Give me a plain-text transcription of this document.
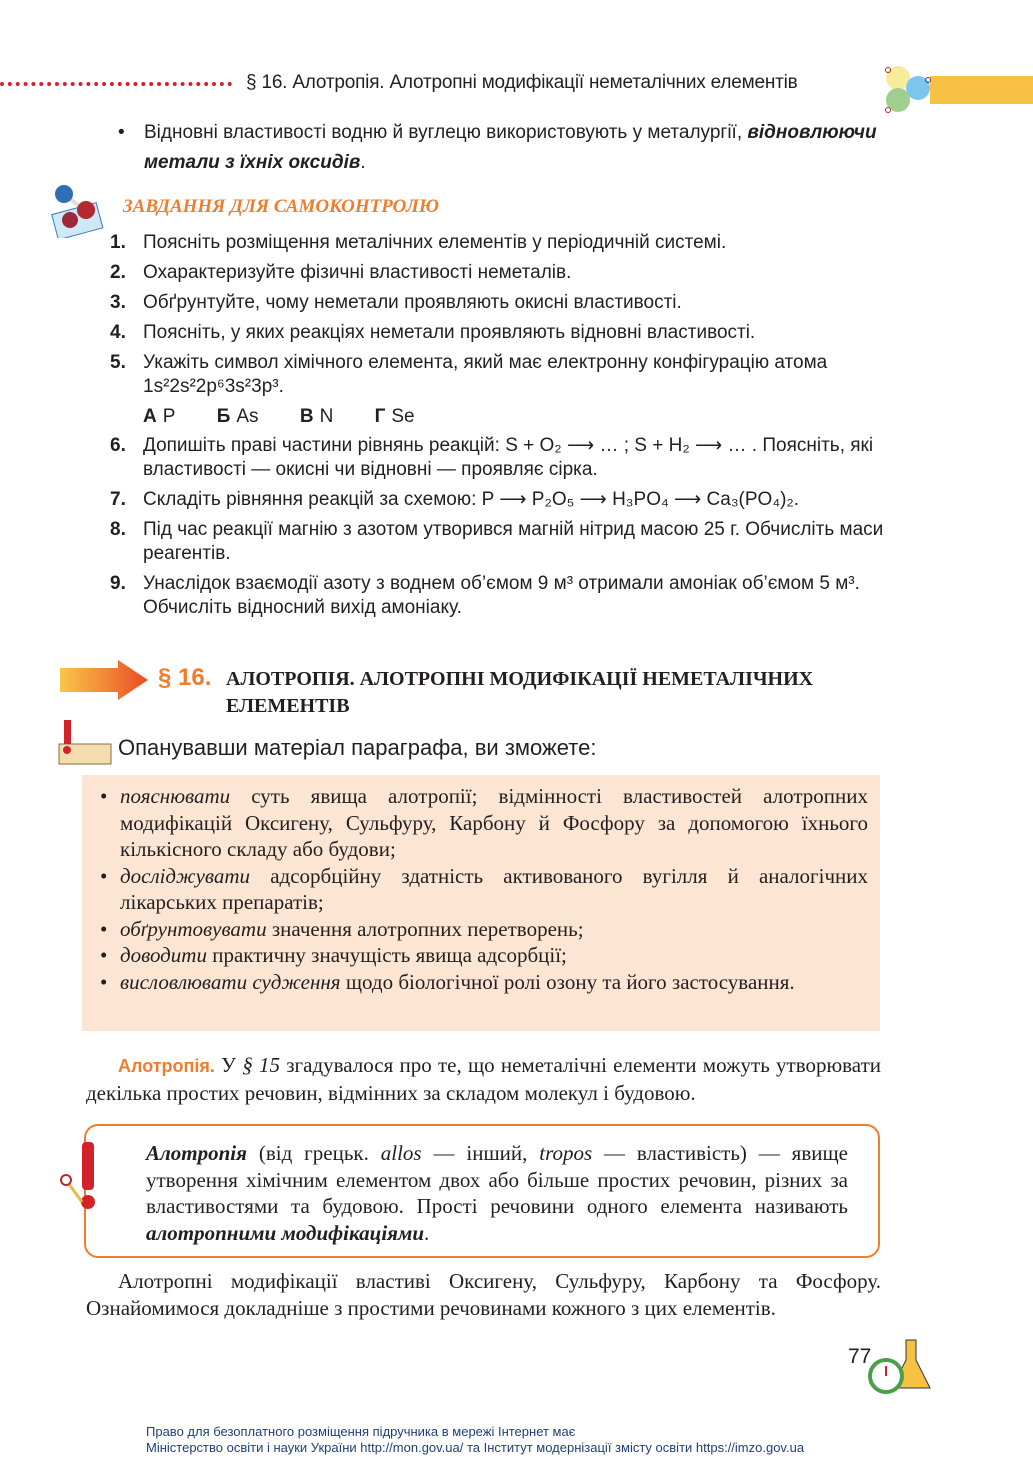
§ 16. Алотропія. Алотропні модифікації неметалічних елементів
• Відновні властивості водню й вуглецю використовують у металургії, відновлюючи метали з їхніх оксидів.
ЗАВДАННЯ ДЛЯ САМОКОНТРОЛЮ
1. Поясніть розміщення металічних елементів у періодичній системі.
2. Охарактеризуйте фізичні властивості неметалів.
3. Обґрунтуйте, чому неметали проявляють окисні властивості.
4. Поясніть, у яких реакціях неметали проявляють відновні властивості.
5. Укажіть символ хімічного елемента, який має електронну конфігурацію атома 1s²2s²2p⁶3s²3p³.
А P Б As В N Г Se
6. Допишіть праві частини рівнянь реакцій: S + O₂ ⟶ … ; S + H₂ ⟶ … . Поясніть, які властивості — окисні чи відновні — проявляє сірка.
7. Складіть рівняння реакцій за схемою: P ⟶ P₂O₅ ⟶ H₃PO₄ ⟶ Ca₃(PO₄)₂.
8. Під час реакції магнію з азотом утворився магній нітрид масою 25 г. Обчисліть маси реагентів.
9. Унаслідок взаємодії азоту з воднем об’ємом 9 м³ отримали амоніак об’ємом 5 м³. Обчисліть відносний вихід амоніаку.
§ 16. АЛОТРОПІЯ. АЛОТРОПНІ МОДИФІКАЦІЇ НЕМЕТАЛІЧНИХ ЕЛЕМЕНТІВ
Опанувавши матеріал параграфа, ви зможете:
• пояснювати суть явища алотропії; відмінності властивостей алотропних модифікацій Оксигену, Сульфуру, Карбону й Фосфору за допомогою їхнього кількісного складу або будови;
• досліджувати адсорбційну здатність активованого вугілля й аналогічних лікарських препаратів;
• обґрунтовувати значення алотропних перетворень;
• доводити практичну значущість явища адсорбції;
• висловлювати судження щодо біологічної ролі озону та його застосування.
Алотропія. У § 15 згадувалося про те, що неметалічні елементи можуть утворювати декілька простих речовин, відмінних за складом молекул і будовою.
Алотропія (від грецьк. allos — інший, tropos — властивість) — явище утворення хімічним елементом двох або більше простих речовин, різних за властивостями та будовою. Прості речовини одного елемента називають алотропними модифікаціями.
Алотропні модифікації властиві Оксигену, Сульфуру, Карбону та Фосфору. Ознайомимося докладніше з простими речовинами кожного з цих елементів.
77
Право для безоплатного розміщення підручника в мережі Інтернет має
Міністерство освіти і науки України http://mon.gov.ua/ та Інститут модернізації змісту освіти https://imzo.gov.ua
